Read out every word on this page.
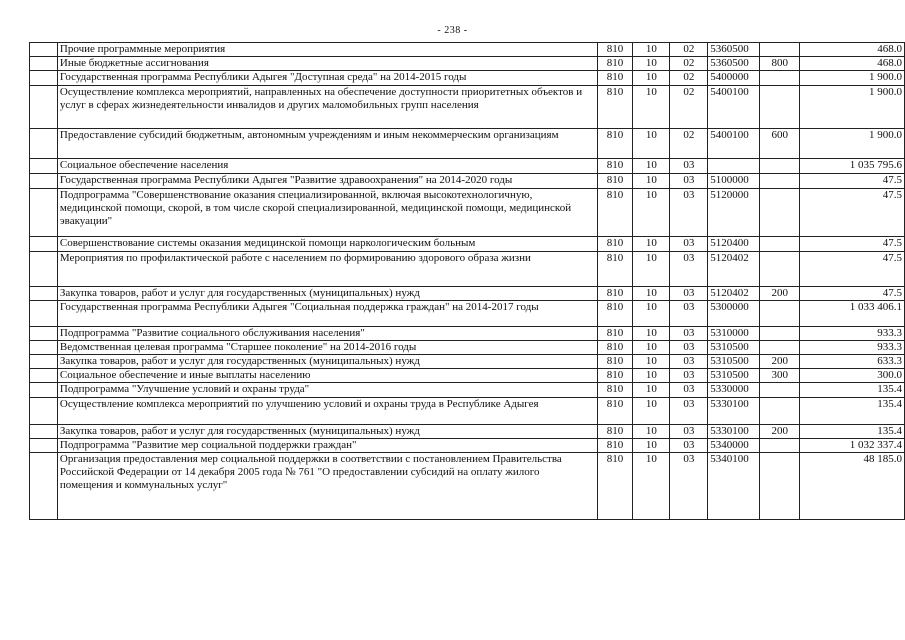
- 238 -
	Прочие программные мероприятия	810	10	02	5360500		468.0
	Иные бюджетные ассигнования	810	10	02	5360500	800	468.0
	Государственная программа Республики Адыгея "Доступная среда" на 2014-2015 годы	810	10	02	5400000		1 900.0
	Осуществление комплекса мероприятий, направленных на обеспечение доступности приоритетных объектов и услуг в сферах жизнедеятельности инвалидов и других маломобильных групп населения	810	10	02	5400100		1 900.0
	Предоставление субсидий бюджетным, автономным учреждениям и иным некоммерческим организациям	810	10	02	5400100	600	1 900.0
	Социальное обеспечение населения	810	10	03			1 035 795.6
	Государственная программа Республики Адыгея "Развитие здравоохранения" на 2014-2020 годы	810	10	03	5100000		47.5
	Подпрограмма "Совершенствование оказания специализированной, включая высокотехнологичную, медицинской помощи, скорой, в том числе скорой специализированной, медицинской помощи, медицинской эвакуации"	810	10	03	5120000		47.5
	Совершенствование системы оказания медицинской помощи наркологическим больным	810	10	03	5120400		47.5
	Мероприятия по профилактической работе с населением по формированию здорового образа жизни	810	10	03	5120402		47.5
	Закупка товаров, работ и услуг для государственных (муниципальных) нужд	810	10	03	5120402	200	47.5
	Государственная программа Республики Адыгея "Социальная поддержка граждан" на 2014-2017 годы	810	10	03	5300000		1 033 406.1
	Подпрограмма "Развитие социального обслуживания населения"	810	10	03	5310000		933.3
	Ведомственная целевая программа "Старшее поколение" на 2014-2016 годы	810	10	03	5310500		933.3
	Закупка товаров, работ и услуг для государственных (муниципальных) нужд	810	10	03	5310500	200	633.3
	Социальное обеспечение и иные выплаты населению	810	10	03	5310500	300	300.0
	Подпрограмма "Улучшение условий и охраны труда"	810	10	03	5330000		135.4
	Осуществление комплекса мероприятий по улучшению условий и охраны труда в Республике Адыгея	810	10	03	5330100		135.4
	Закупка товаров, работ и услуг для государственных (муниципальных) нужд	810	10	03	5330100	200	135.4
	Подпрограмма "Развитие мер социальной поддержки граждан"	810	10	03	5340000		1 032 337.4
	Организация предоставления мер социальной поддержки в соответствии с постановлением Правительства Российской Федерации от 14 декабря 2005 года № 761 "О предоставлении субсидий на оплату жилого помещения и коммунальных услуг"	810	10	03	5340100		48 185.0
